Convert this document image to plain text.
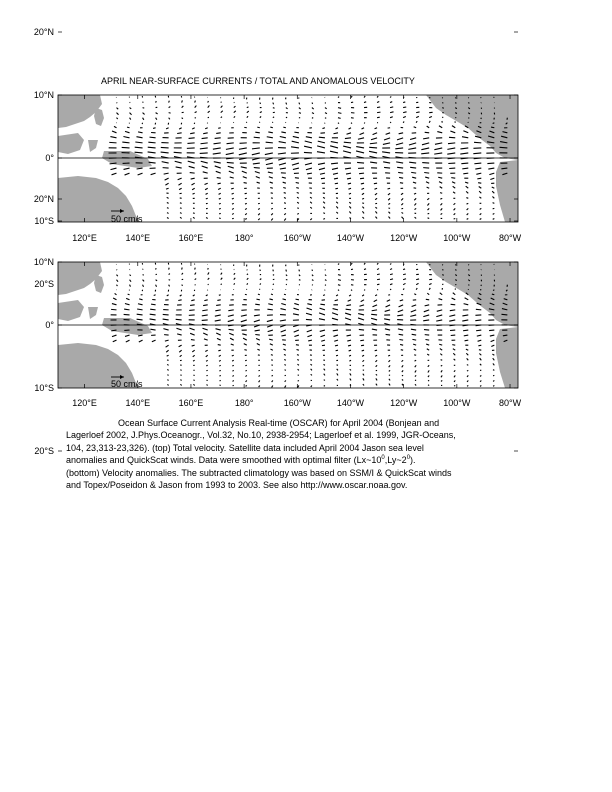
APRIL NEAR-SURFACE CURRENTS / TOTAL AND ANOMALOUS VELOCITY
20°N
10°N
0°
10°S
20°S
120°E	140°E	160°E	180°	160°W	140°W	120°W	100°W	80°W
50 cm/s
20°N
10°N
0°
10°S
20°S
120°E	140°E	160°E	180°	160°W	140°W	120°W	100°W	80°W
50 cm/s
Ocean Surface Current Analysis Real-time (OSCAR) for April 2004 (Bonjean and
Lagerloef 2002, J.Phys.Oceanogr., Vol.32, No.10, 2938-2954; Lagerloef et al. 1999, JGR-Oceans,
104, 23,313-23,326). (top) Total velocity. Satellite data included April 2004 Jason sea level
anomalies and QuickScat winds. Data were smoothed with optimal filter $(Lx\sim 10^0,Ly\sim 2^0)$.
(bottom) Velocity anomalies. The subtracted climatology was based on SSM/I & QuickScat winds
and Topex/Poseidon & Jason from 1993 to 2003. See also http://www.oscar.noaa.gov.
